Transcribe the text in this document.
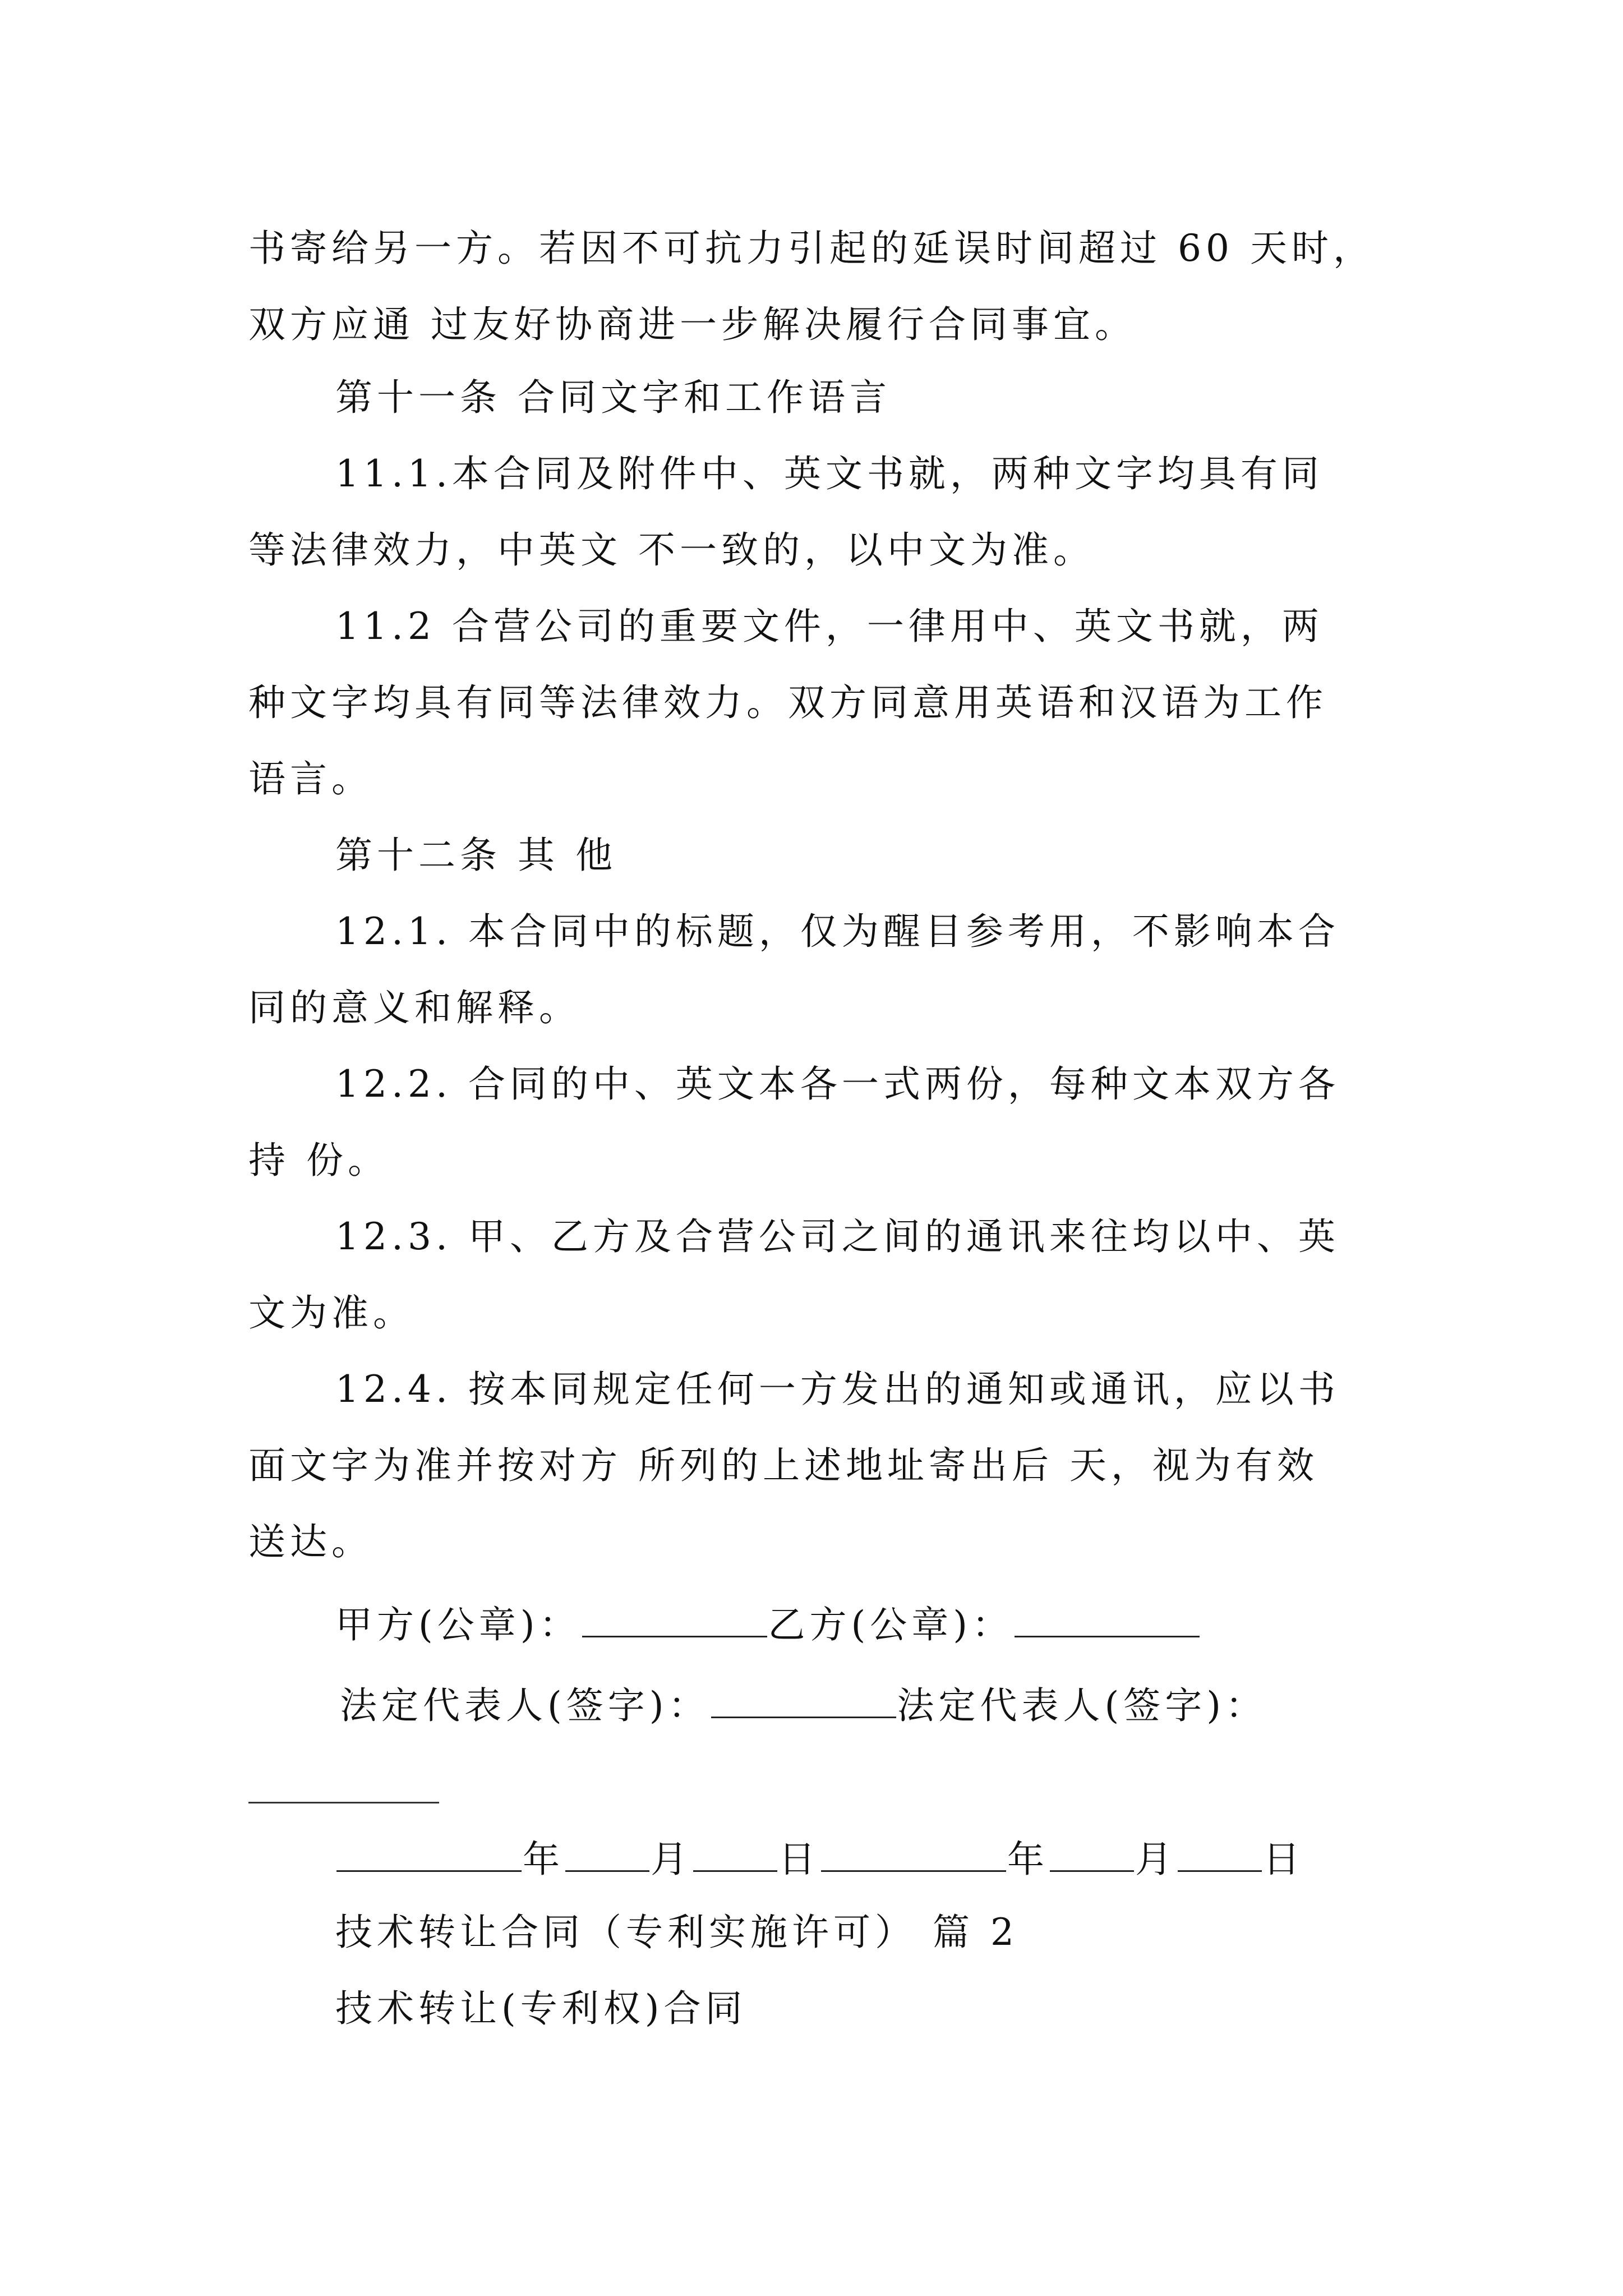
书寄给另一方。若因不可抗力引起的延误时间超过 60 天时，
双方应通 过友好协商进一步解决履行合同事宜。
第十一条 合同文字和工作语言
11.1.本合同及附件中、英文书就，两种文字均具有同
等法律效力，中英文 不一致的，以中文为准。
11.2 合营公司的重要文件，一律用中、英文书就，两
种文字均具有同等法律效力。双方同意用英语和汉语为工作
语言。
第十二条 其 他
12.1. 本合同中的标题，仅为醒目参考用，不影响本合
同的意义和解释。
12.2. 合同的中、英文本各一式两份，每种文本双方各
持 份。
12.3. 甲、乙方及合营公司之间的通讯来往均以中、英
文为准。
12.4. 按本同规定任何一方发出的通知或通讯，应以书
面文字为准并按对方 所列的上述地址寄出后 天，视为有效
送达。
甲方(公章)：	乙方(公章)：
法定代表人(签字)：	法定代表人(签字)：
年 月 日	年 月 日
技术转让合同（专利实施许可） 篇 2
技术转让(专利权)合同
